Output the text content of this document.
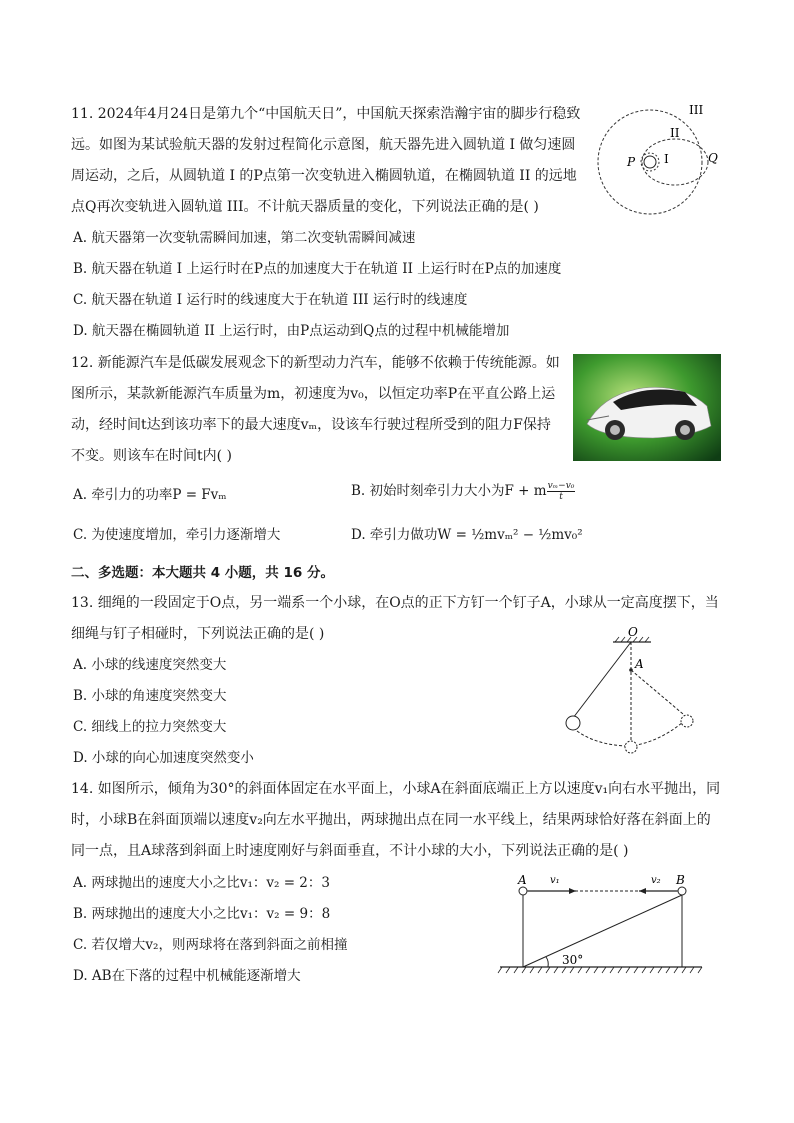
11. 2024年4月24日是第九个“中国航天日”，中国航天探索浩瀚宇宙的脚步行稳致
远。如图为某试验航天器的发射过程简化示意图，航天器先进入圆轨道 I 做匀速圆
周运动，之后，从圆轨道 I 的P点第一次变轨进入椭圆轨道，在椭圆轨道 II 的远地
点Q再次变轨进入圆轨道 III。不计航天器质量的变化，下列说法正确的是( )
A. 航天器第一次变轨需瞬间加速，第二次变轨需瞬间减速
B. 航天器在轨道 I 上运行时在P点的加速度大于在轨道 II 上运行时在P点的加速度
C. 航天器在轨道 I 运行时的线速度大于在轨道 III 运行时的线速度
D. 航天器在椭圆轨道 II 上运行时，由P点运动到Q点的过程中机械能增加
III
II
I
P	Q
12. 新能源汽车是低碳发展观念下的新型动力汽车，能够不依赖于传统能源。如
图所示，某款新能源汽车质量为m，初速度为v₀，以恒定功率P在平直公路上运
动，经时间t达到该功率下的最大速度vₘ，设该车行驶过程所受到的阻力F保持
不变。则该车在时间t内( )
A. 牵引力的功率P = Fvₘ	B. 初始时刻牵引力大小为F + m $\frac{\text{vₘ−v₀}}{t}$
C. 为使速度增加，牵引力逐渐增大	D. 牵引力做功W = ½mvₘ² − ½mv₀²
二、多选题：本大题共 4 小题，共 16 分。
13. 细绳的一段固定于O点，另一端系一个小球，在O点的正下方钉一个钉子A，小球从一定高度摆下，当
细绳与钉子相碰时，下列说法正确的是( )
A. 小球的线速度突然变大
B. 小球的角速度突然变大
C. 细线上的拉力突然变大
D. 小球的向心加速度突然变小
O
A
14. 如图所示，倾角为30°的斜面体固定在水平面上，小球A在斜面底端正上方以速度v₁向右水平抛出，同
时，小球B在斜面顶端以速度v₂向左水平抛出，两球抛出点在同一水平线上，结果两球恰好落在斜面上的
同一点，且A球落到斜面上时速度刚好与斜面垂直，不计小球的大小，下列说法正确的是( )
A. 两球抛出的速度大小之比v₁：v₂ = 2：3
B. 两球抛出的速度大小之比v₁：v₂ = 9：8
C. 若仅增大v₂，则两球将在落到斜面之前相撞
D. AB在下落的过程中机械能逐渐增大
A	B
v₁	v₂
30°
